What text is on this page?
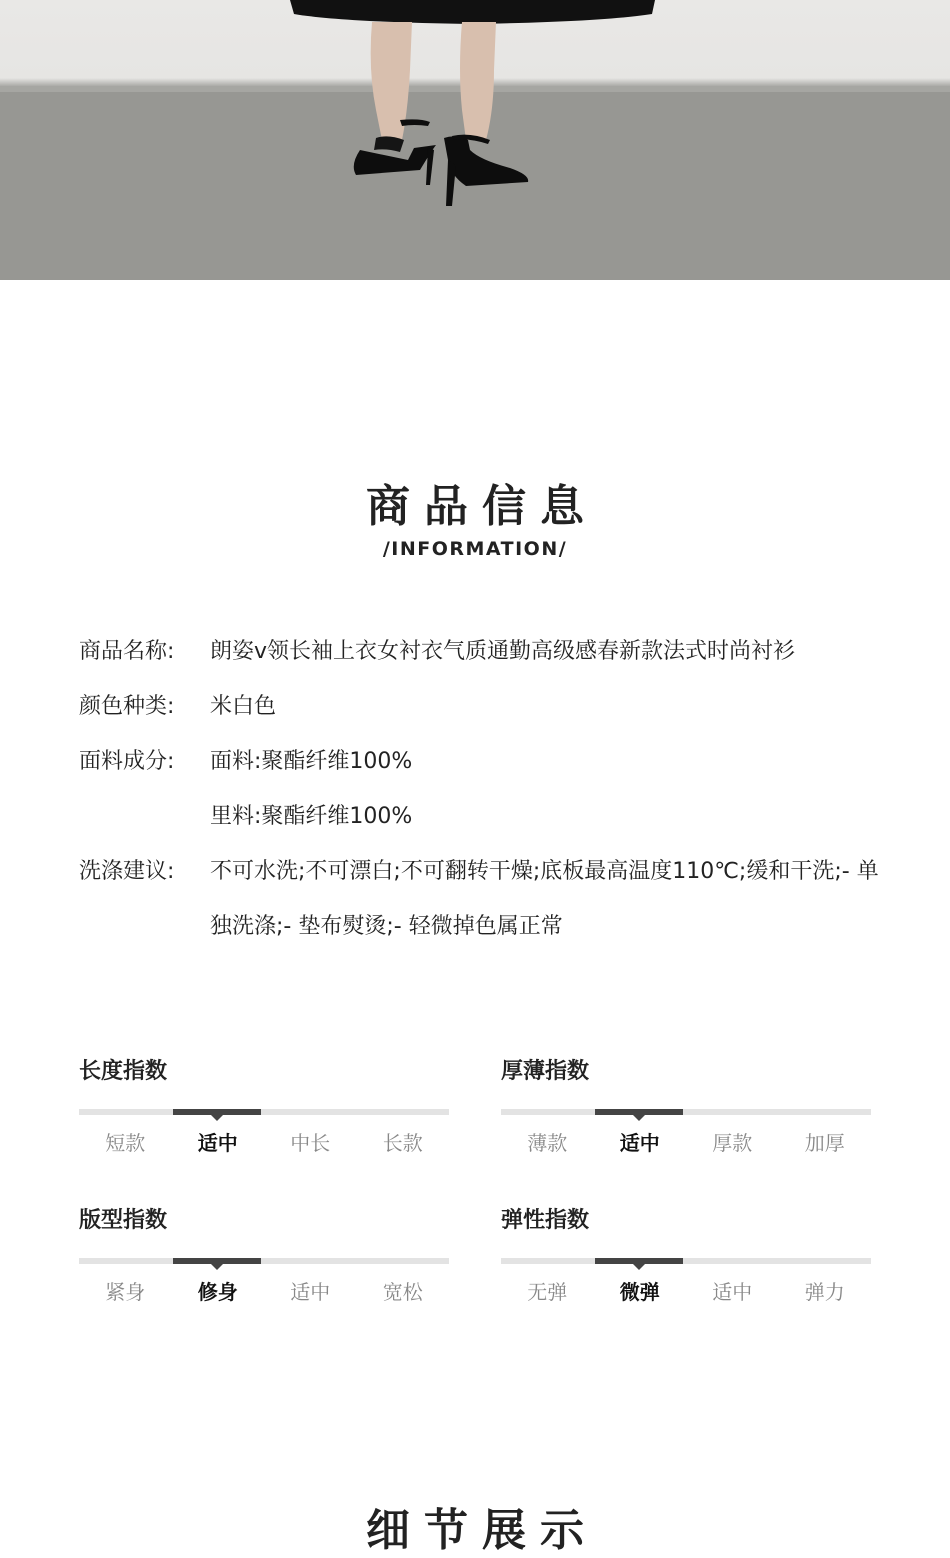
商品信息
/INFORMATION/
商品名称:	朗姿v领长袖上衣女衬衣气质通勤高级感春新款法式时尚衬衫
颜色种类:	米白色
面料成分:	面料:聚酯纤维100%
里料:聚酯纤维100%
洗涤建议:	不可水洗;不可漂白;不可翻转干燥;底板最高温度110℃;缓和干洗;- 单独洗涤;- 垫布熨烫;- 轻微掉色属正常
长度指数
短款	适中	中长	长款
厚薄指数
薄款	适中	厚款	加厚
版型指数
紧身	修身	适中	宽松
弹性指数
无弹	微弹	适中	弹力
细节展示
